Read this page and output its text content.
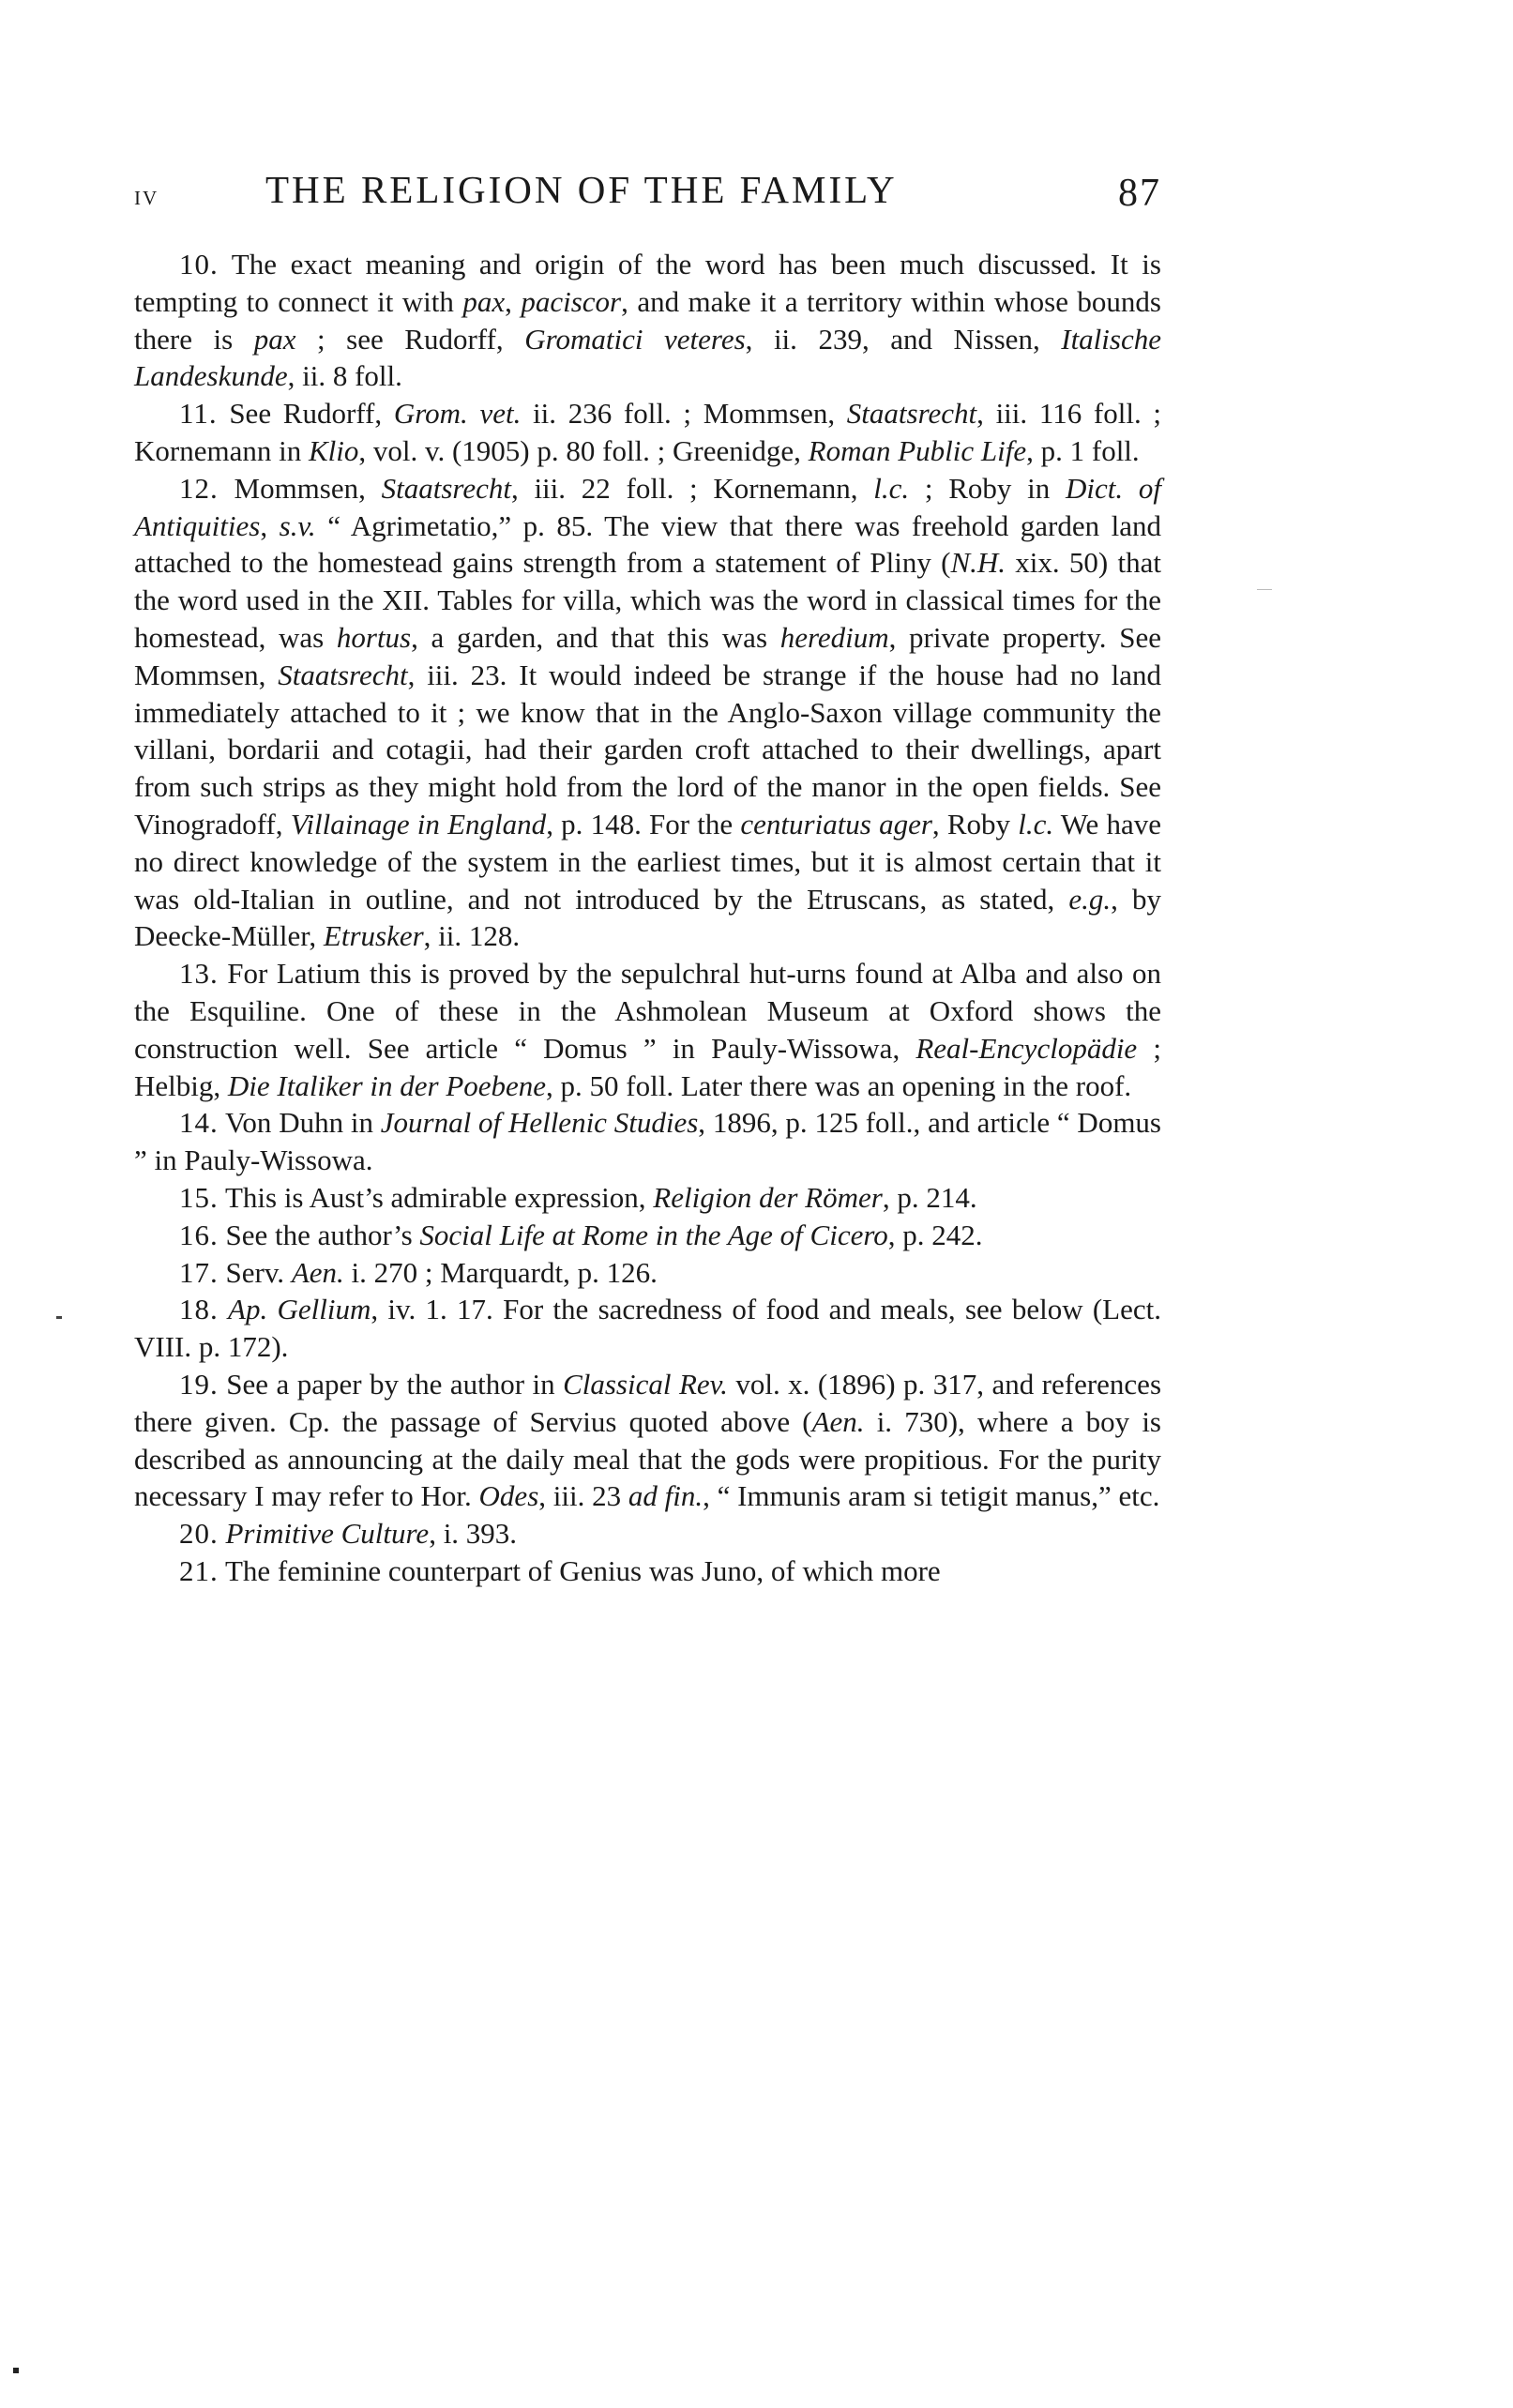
iv	THE RELIGION OF THE FAMILY	87

10. The exact meaning and origin of the word has been much discussed. It is tempting to connect it with pax, paciscor, and make it a territory within whose bounds there is pax ; see Rudorff, Gromatici veteres, ii. 239, and Nissen, Italische Landeskunde, ii. 8 foll.

11. See Rudorff, Grom. vet. ii. 236 foll. ; Mommsen, Staatsrecht, iii. 116 foll. ; Kornemann in Klio, vol. v. (1905) p. 80 foll. ; Greenidge, Roman Public Life, p. 1 foll.

12. Mommsen, Staatsrecht, iii. 22 foll. ; Kornemann, l.c. ; Roby in Dict. of Antiquities, s.v. “ Agrimetatio,” p. 85. The view that there was freehold garden land attached to the homestead gains strength from a statement of Pliny (N.H. xix. 50) that the word used in the XII. Tables for villa, which was the word in classical times for the homestead, was hortus, a garden, and that this was heredium, private property. See Mommsen, Staatsrecht, iii. 23. It would indeed be strange if the house had no land immediately attached to it ; we know that in the Anglo-Saxon village community the villani, bordarii and cotagii, had their garden croft attached to their dwellings, apart from such strips as they might hold from the lord of the manor in the open fields. See Vinogradoff, Villainage in England, p. 148. For the centuriatus ager, Roby l.c. We have no direct knowledge of the system in the earliest times, but it is almost certain that it was old-Italian in outline, and not introduced by the Etruscans, as stated, e.g., by Deecke-Müller, Etrusker, ii. 128.

13. For Latium this is proved by the sepulchral hut-urns found at Alba and also on the Esquiline. One of these in the Ashmolean Museum at Oxford shows the construction well. See article “ Domus ” in Pauly-Wissowa, Real-Encyclopädie ; Helbig, Die Italiker in der Poebene, p. 50 foll. Later there was an opening in the roof.

14. Von Duhn in Journal of Hellenic Studies, 1896, p. 125 foll., and article “ Domus ” in Pauly-Wissowa.

15. This is Aust’s admirable expression, Religion der Römer, p. 214.

16. See the author’s Social Life at Rome in the Age of Cicero, p. 242.

17. Serv. Aen. i. 270 ; Marquardt, p. 126.

18. Ap. Gellium, iv. 1. 17. For the sacredness of food and meals, see below (Lect. VIII. p. 172).

19. See a paper by the author in Classical Rev. vol. x. (1896) p. 317, and references there given. Cp. the passage of Servius quoted above (Aen. i. 730), where a boy is described as announcing at the daily meal that the gods were propitious. For the purity necessary I may refer to Hor. Odes, iii. 23 ad fin., “ Immunis aram si tetigit manus,” etc.

20. Primitive Culture, i. 393.

21. The feminine counterpart of Genius was Juno, of which more
